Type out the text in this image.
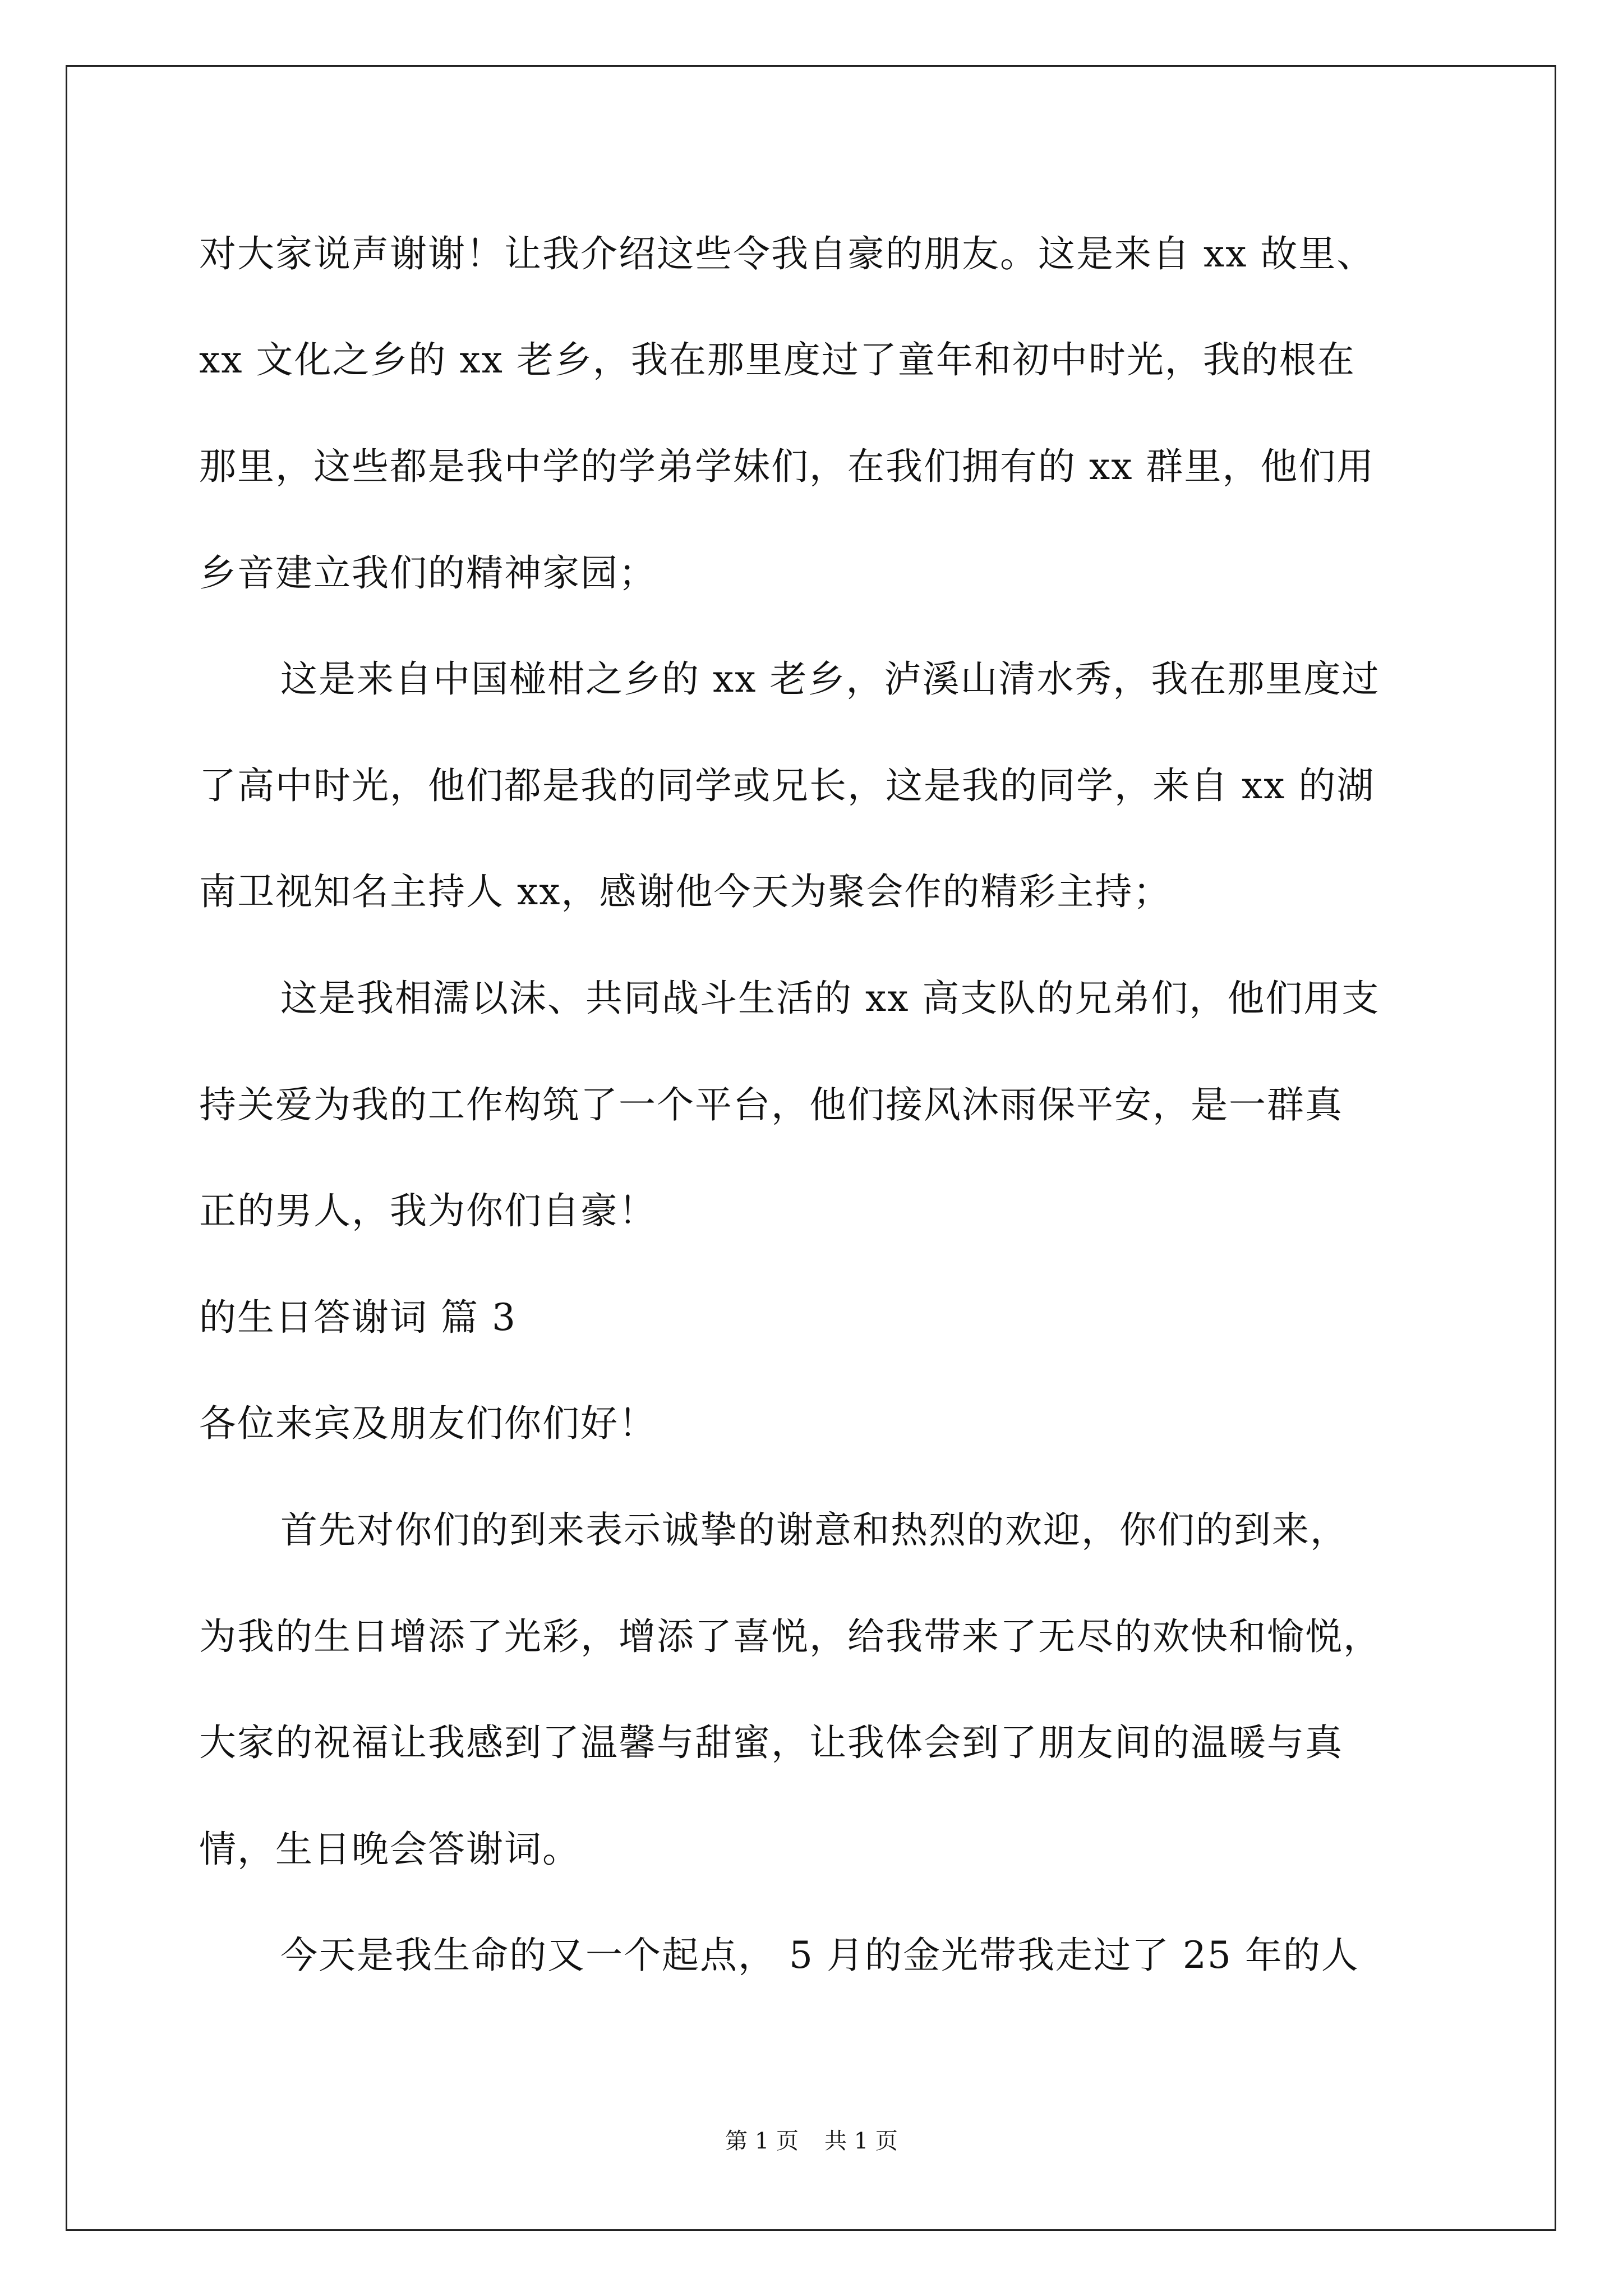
对大家说声谢谢！让我介绍这些令我自豪的朋友。这是来自 xx 故里、
xx 文化之乡的 xx 老乡，我在那里度过了童年和初中时光，我的根在
那里，这些都是我中学的学弟学妹们，在我们拥有的 xx 群里，他们用
乡音建立我们的精神家园；
这是来自中国椪柑之乡的 xx 老乡，泸溪山清水秀，我在那里度过
了高中时光，他们都是我的同学或兄长，这是我的同学，来自 xx 的湖
南卫视知名主持人 xx，感谢他今天为聚会作的精彩主持；
这是我相濡以沫、共同战斗生活的 xx 高支队的兄弟们，他们用支
持关爱为我的工作构筑了一个平台，他们接风沐雨保平安，是一群真
正的男人，我为你们自豪！
的生日答谢词 篇 3
各位来宾及朋友们你们好！
首先对你们的到来表示诚挚的谢意和热烈的欢迎，你们的到来，
为我的生日增添了光彩，增添了喜悦，给我带来了无尽的欢快和愉悦，
大家的祝福让我感到了温馨与甜蜜，让我体会到了朋友间的温暖与真
情，生日晚会答谢词。
今天是我生命的又一个起点， 5 月的金光带我走过了 25 年的人
第 1 页 共 1 页
